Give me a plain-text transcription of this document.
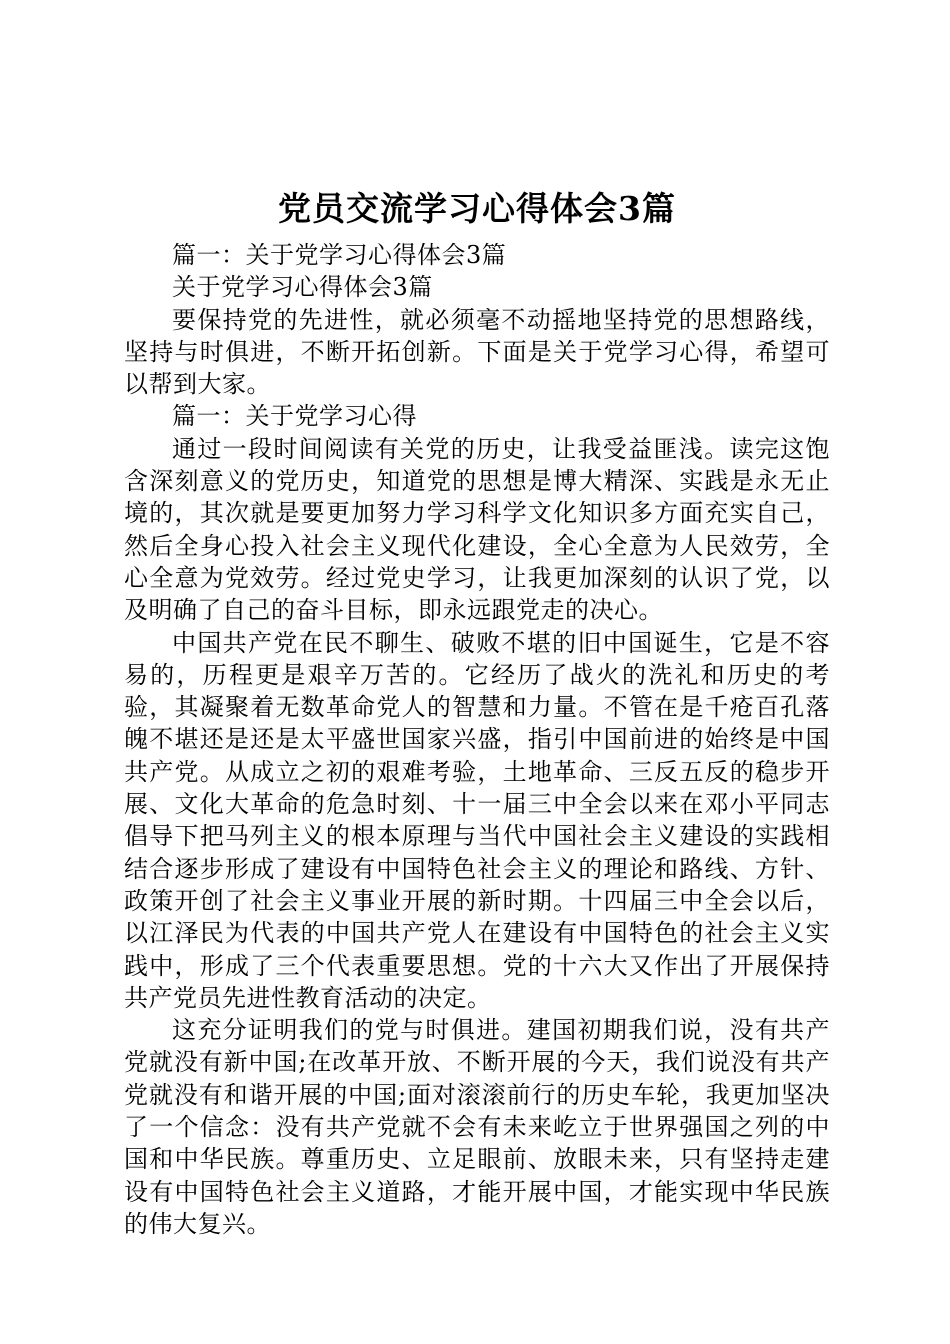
党员交流学习心得体会3篇

篇一：关于党学习心得体会3篇

关于党学习心得体会3篇

要保持党的先进性，就必须毫不动摇地坚持党的思想路线，坚持与时俱进，不断开拓创新。下面是关于党学习心得，希望可以帮到大家。

篇一：关于党学习心得

通过一段时间阅读有关党的历史，让我受益匪浅。读完这饱含深刻意义的党历史，知道党的思想是博大精深、实践是永无止境的，其次就是要更加努力学习科学文化知识多方面充实自己，然后全身心投入社会主义现代化建设，全心全意为人民效劳，全心全意为党效劳。经过党史学习，让我更加深刻的认识了党，以及明确了自己的奋斗目标，即永远跟党走的决心。

中国共产党在民不聊生、破败不堪的旧中国诞生，它是不容易的，历程更是艰辛万苦的。它经历了战火的洗礼和历史的考验，其凝聚着无数革命党人的智慧和力量。不管在是千疮百孔落魄不堪还是还是太平盛世国家兴盛，指引中国前进的始终是中国共产党。从成立之初的艰难考验，土地革命、三反五反的稳步开展、文化大革命的危急时刻、十一届三中全会以来在邓小平同志倡导下把马列主义的根本原理与当代中国社会主义建设的实践相结合逐步形成了建设有中国特色社会主义的理论和路线、方针、政策开创了社会主义事业开展的新时期。十四届三中全会以后，以江泽民为代表的中国共产党人在建设有中国特色的社会主义实践中，形成了三个代表重要思想。党的十六大又作出了开展保持共产党员先进性教育活动的决定。

这充分证明我们的党与时俱进。建国初期我们说，没有共产党就没有新中国;在改革开放、不断开展的今天，我们说没有共产党就没有和谐开展的中国;面对滚滚前行的历史车轮，我更加坚决了一个信念：没有共产党就不会有未来屹立于世界强国之列的中国和中华民族。尊重历史、立足眼前、放眼未来，只有坚持走建设有中国特色社会主义道路，才能开展中国，才能实现中华民族的伟大复兴。
